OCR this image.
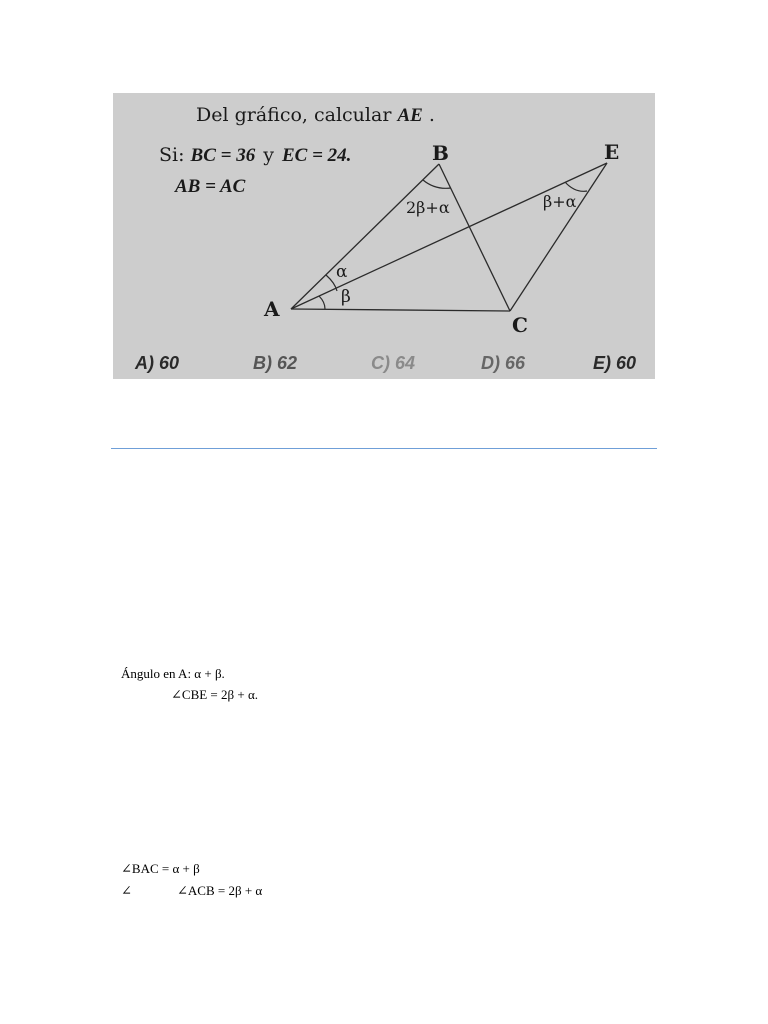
Del gráfico, calcular AE .
Si: BC = 36 y EC = 24.
AB = AC
B	E
A
C
2β+α	β+α
α
β
A) 60	B) 62	C) 64	D) 66	E) 60
Ángulo en A: α + β.
∠CBE = 2β + α.
∠BAC = α + β
∠	∠ACB = 2β + α
